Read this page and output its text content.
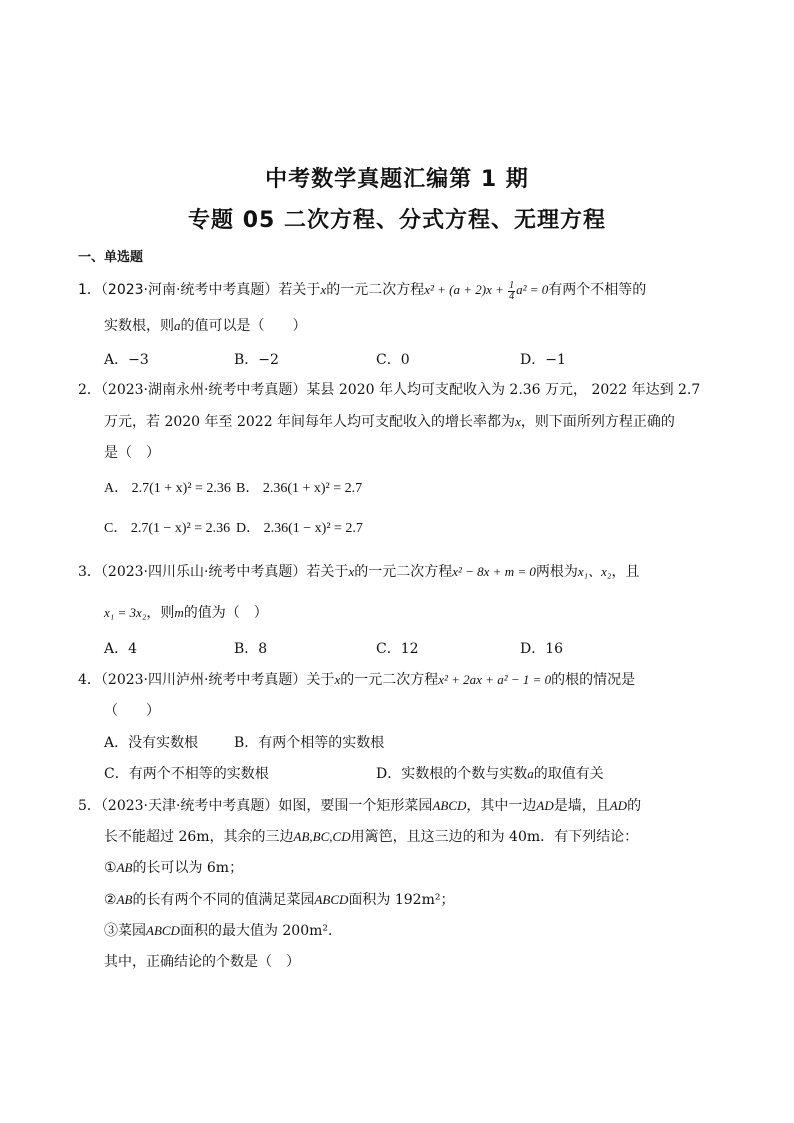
中考数学真题汇编第 1 期
专题 05 二次方程、分式方程、无理方程
一、单选题
1．（2023·河南·统考中考真题）若关于x的一元二次方程$x^2 + (a + 2)x + \frac{1}{4} a^2 = 0$有两个不相等的
实数根，则a的值可以是（　　）
A．−3	B．−2	C．0	D．−1
2．（2023·湖南永州·统考中考真题）某县 2020 年人均可支配收入为 2.36 万元， 2022 年达到 2.7
万元，若 2020 年至 2022 年间每年人均可支配收入的增长率都为x，则下面所列方程正确的
是（　）
A． 2.7(1 + x)² = 2.36 B． 2.36(1 + x)² = 2.7
C． 2.7(1 − x)² = 2.36 D． 2.36(1 − x)² = 2.7
3．（2023·四川乐山·统考中考真题）若关于x的一元二次方程x² − 8x + m = 0两根为x₁、x₂，且
x₁ = 3x₂，则m的值为（　）
A．4	B．8	C．12	D．16
4．（2023·四川泸州·统考中考真题）关于x的一元二次方程x² + 2ax + a² − 1 = 0的根的情况是
（　　）
A．没有实数根	B．有两个相等的实数根
C．有两个不相等的实数根	D．实数根的个数与实数a的取值有关
5．（2023·天津·统考中考真题）如图，要围一个矩形菜园ABCD，其中一边AD是墙，且AD的
长不能超过 26m，其余的三边AB,BC,CD用篱笆，且这三边的和为 40m．有下列结论：
①AB的长可以为 6m；
②AB的长有两个不同的值满足菜园ABCD面积为 192m²；
③菜园ABCD面积的最大值为 200m²．
其中，正确结论的个数是（　）
